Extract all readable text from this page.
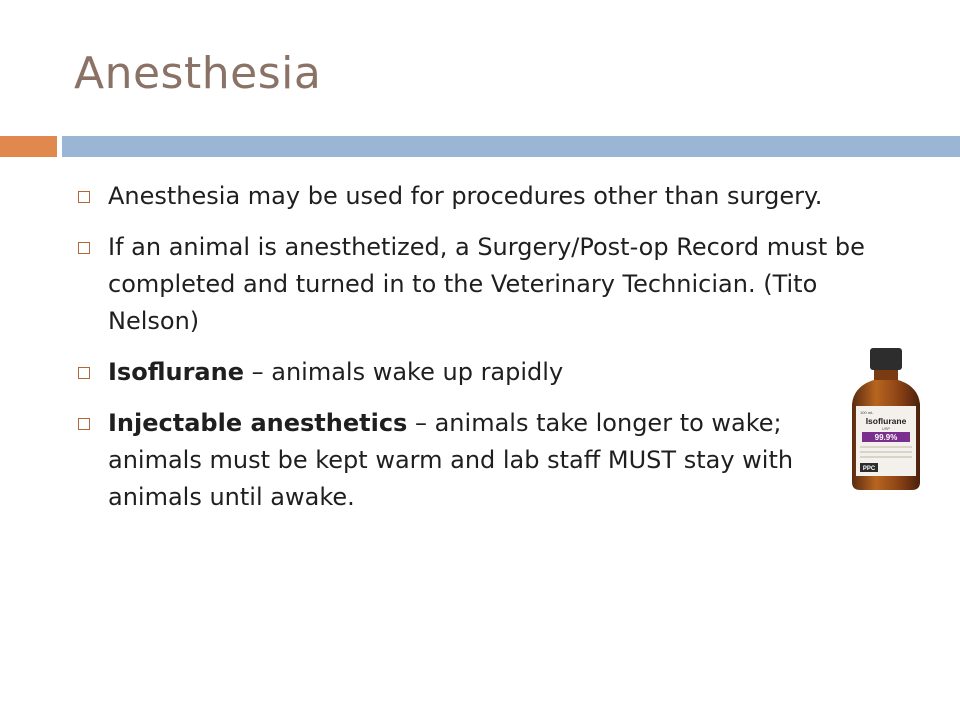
Anesthesia
Anesthesia may be used for procedures other than surgery.
If an animal is anesthetized, a Surgery/Post-op Record must be completed and turned in to the Veterinary Technician. (Tito Nelson)
Isoflurane – animals wake up rapidly
Injectable anesthetics – animals take longer to wake; animals must be kept warm and lab staff MUST stay with animals until awake.
100 mL
Isoflurane
USP
99.9%
PPC
